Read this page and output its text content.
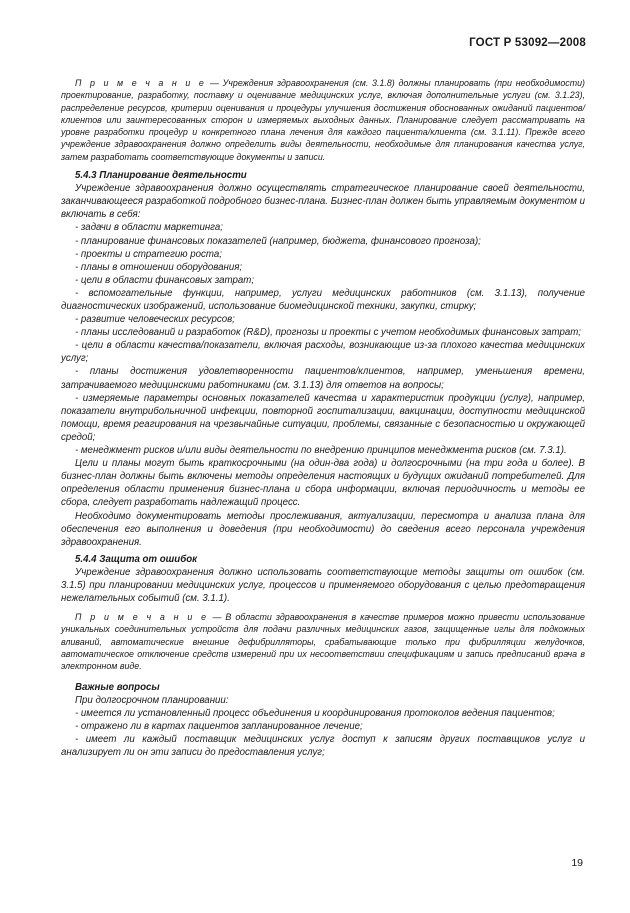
ГОСТ Р 53092—2008

П р и м е ч а н и е — Учреждения здравоохранения (см. 3.1.8) должны планировать (при необходимости) проектирование, разработку, поставку и оценивание медицинских услуг, включая дополнительные услуги (см. 3.1.23), распределение ресурсов, критерии оценивания и процедуры улучшения достижения обоснованных ожиданий пациентов/клиентов или заинтересованных сторон и измеряемых выходных данных. Планирование следует рассматривать на уровне разработки процедур и конкретного плана лечения для каждого пациента/клиента (см. 3.1.11). Прежде всего учреждение здравоохранения должно определить виды деятельности, необходимые для планирования качества услуг, затем разработать соответствующие документы и записи.

5.4.3 Планирование деятельности

Учреждение здравоохранения должно осуществлять стратегическое планирование своей деятельности, заканчивающееся разработкой подробного бизнес-плана. Бизнес-план должен быть управляемым документом и включать в себя:

- задачи в области маркетинга;

- планирование финансовых показателей (например, бюджета, финансового прогноза);

- проекты и стратегию роста;

- планы в отношении оборудования;

- цели в области финансовых затрат;

- вспомогательные функции, например, услуги медицинских работников (см. 3.1.13), получение диагностических изображений, использование биомедицинской техники, закупки, стирку;

- развитие человеческих ресурсов;

- планы исследований и разработок (R&D), прогнозы и проекты с учетом необходимых финансовых затрат;

- цели в области качества/показатели, включая расходы, возникающие из-за плохого качества медицинских услуг;

- планы достижения удовлетворенности пациентов/клиентов, например, уменьшения времени, затрачиваемого медицинскими работниками (см. 3.1.13) для ответов на вопросы;

- измеряемые параметры основных показателей качества и характеристик продукции (услуг), например, показатели внутрибольничной инфекции, повторной госпитализации, вакцинации, доступности медицинской помощи, время реагирования на чрезвычайные ситуации, проблемы, связанные с безопасностью и окружающей средой;

- менеджмент рисков и/или виды деятельности по внедрению принципов менеджмента рисков (см. 7.3.1).

Цели и планы могут быть краткосрочными (на один-два года) и долгосрочными (на три года и более). В бизнес-план должны быть включены методы определения настоящих и будущих ожиданий потребителей. Для определения области применения бизнес-плана и сбора информации, включая периодичность и методы ее сбора, следует разработать надлежащий процесс.

Необходимо документировать методы прослеживания, актуализации, пересмотра и анализа плана для обеспечения его выполнения и доведения (при необходимости) до сведения всего персонала учреждения здравоохранения.

5.4.4 Защита от ошибок

Учреждение здравоохранения должно использовать соответствующие методы защиты от ошибок (см. 3.1.5) при планировании медицинских услуг, процессов и применяемого оборудования с целью предотвращения нежелательных событий (см. 3.1.1).

П р и м е ч а н и е — В области здравоохранения в качестве примеров можно привести использование уникальных соединительных устройств для подачи различных медицинских газов, защищенные иглы для подкожных вливаний, автоматические внешние дефибрилляторы, срабатывающие только при фибрилляции желудочков, автоматическое отключение средств измерений при их несоответствии спецификациям и запись предписаний врача в электронном виде.

Важные вопросы

При долгосрочном планировании:

- имеется ли установленный процесс объединения и координирования протоколов ведения пациентов;

- отражено ли в картах пациентов запланированное лечение;

- имеет ли каждый поставщик медицинских услуг доступ к записям других поставщиков услуг и анализирует ли он эти записи до предоставления услуг;

19
